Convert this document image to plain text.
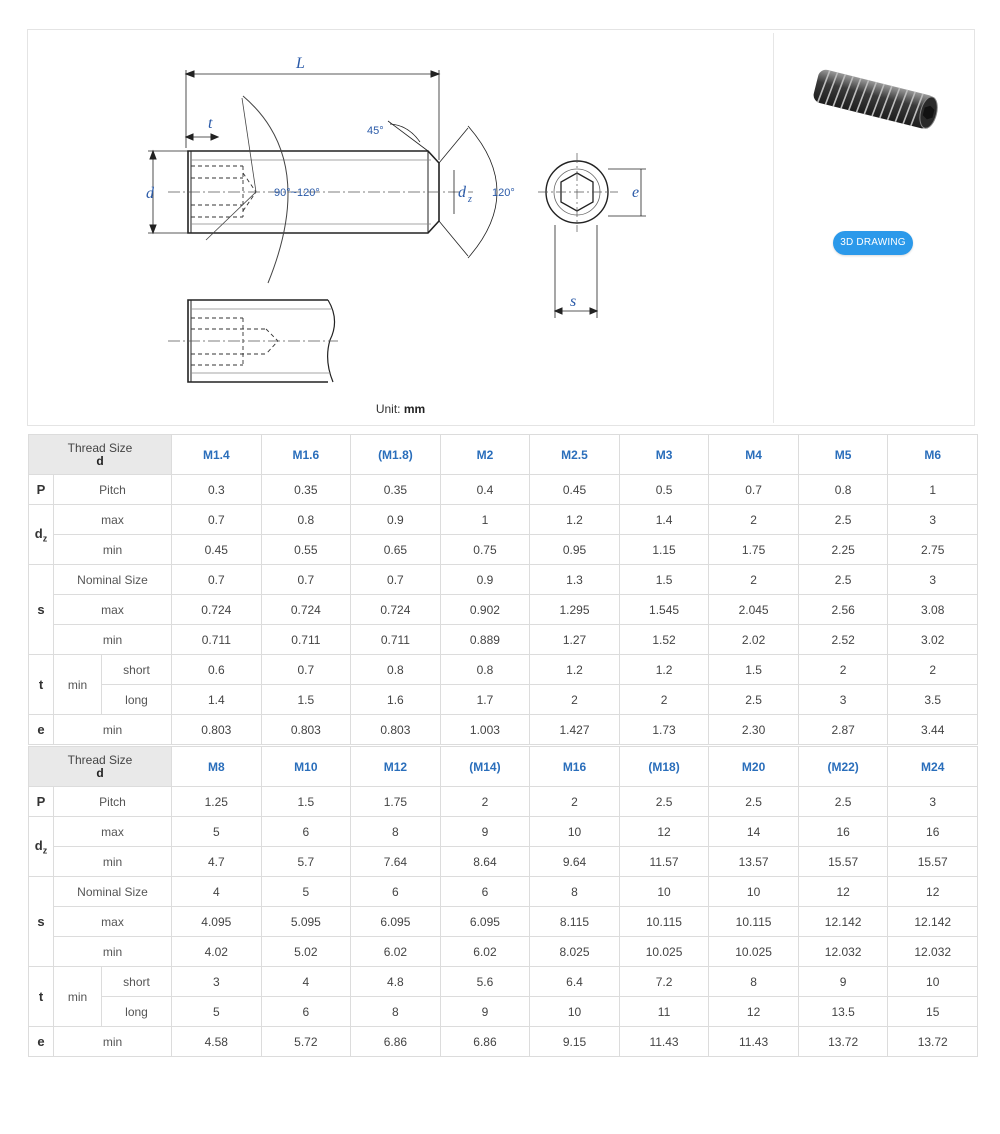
L
t
d	d z	e
s
45°
90°~120°	120°
Unit: mm
3D DRAWING
Thread Size
d			M1.4	M1.6	(M1.8)	M2	M2.5	M3	M4	M5	M6
P	Pitch		0.3	0.35	0.35	0.4	0.45	0.5	0.7	0.8	1
$d_z$	max		0.7	0.8	0.9	1	1.2	1.4	2	2.5	3
	min		0.45	0.55	0.65	0.75	0.95	1.15	1.75	2.25	2.75
s	Nominal Size		0.7	0.7	0.7	0.9	1.3	1.5	2	2.5	3
	max		0.724	0.724	0.724	0.902	1.295	1.545	2.045	2.56	3.08
	min		0.711	0.711	0.711	0.889	1.27	1.52	2.02	2.52	3.02
t	min	short	0.6	0.7	0.8	0.8	1.2	1.2	1.5	2	2
		long	1.4	1.5	1.6	1.7	2	2	2.5	3	3.5
e	min		0.803	0.803	0.803	1.003	1.427	1.73	2.30	2.87	3.44
Thread Size
d			M8	M10	M12	(M14)	M16	(M18)	M20	(M22)	M24
P	Pitch		1.25	1.5	1.75	2	2	2.5	2.5	2.5	3
$d_z$	max		5	6	8	9	10	12	14	16	16
	min		4.7	5.7	7.64	8.64	9.64	11.57	13.57	15.57	15.57
s	Nominal Size		4	5	6	6	8	10	10	12	12
	max		4.095	5.095	6.095	6.095	8.115	10.115	10.115	12.142	12.142
	min		4.02	5.02	6.02	6.02	8.025	10.025	10.025	12.032	12.032
t	min	short	3	4	4.8	5.6	6.4	7.2	8	9	10
		long	5	6	8	9	10	11	12	13.5	15
e	min		4.58	5.72	6.86	6.86	9.15	11.43	11.43	13.72	13.72
